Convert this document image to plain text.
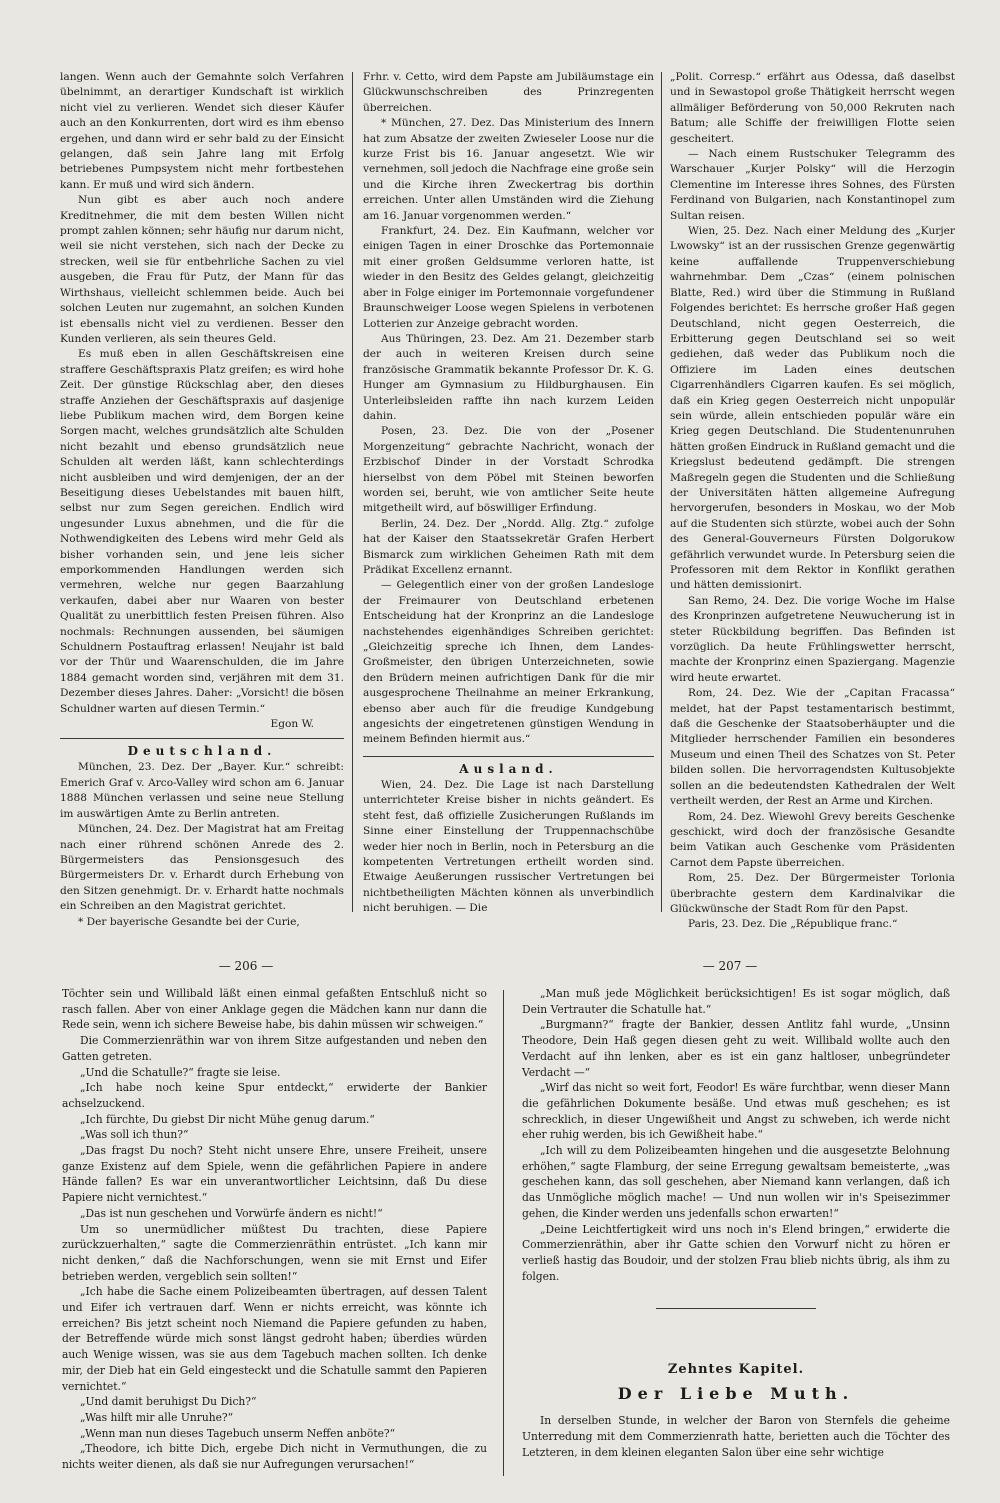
langen. Wenn auch der Gemahnte solch Verfahren übelnimmt, an derartiger Kundschaft ist wirklich nicht viel zu verlieren. Wendet sich dieser Käufer auch an den Konkurrenten, dort wird es ihm ebenso ergehen, und dann wird er sehr bald zu der Einsicht gelangen, daß sein Jahre lang mit Erfolg betriebenes Pumpsystem nicht mehr fortbestehen kann. Er muß und wird sich ändern.

Nun gibt es aber auch noch andere Kreditnehmer, die mit dem besten Willen nicht prompt zahlen können; sehr häufig nur darum nicht, weil sie nicht verstehen, sich nach der Decke zu strecken, weil sie für entbehrliche Sachen zu viel ausgeben, die Frau für Putz, der Mann für das Wirthshaus, vielleicht schlemmen beide. Auch bei solchen Leuten nur zugemahnt, an solchen Kunden ist ebensalls nicht viel zu verdienen. Besser den Kunden verlieren, als sein theures Geld.

Es muß eben in allen Geschäftskreisen eine straffere Geschäftspraxis Platz greifen; es wird hohe Zeit. Der günstige Rückschlag aber, den dieses straffe Anziehen der Geschäftspraxis auf dasjenige liebe Publikum machen wird, dem Borgen keine Sorgen macht, welches grundsätzlich alte Schulden nicht bezahlt und ebenso grundsätzlich neue Schulden alt werden läßt, kann schlechterdings nicht ausbleiben und wird demjenigen, der an der Beseitigung dieses Uebelstandes mit bauen hilft, selbst nur zum Segen gereichen. Endlich wird ungesunder Luxus abnehmen, und die für die Nothwendigkeiten des Lebens wird mehr Geld als bisher vorhanden sein, und jene leis sicher emporkommenden Handlungen werden sich vermehren, welche nur gegen Baarzahlung verkaufen, dabei aber nur Waaren von bester Qualität zu unerbittlich festen Preisen führen. Also nochmals: Rechnungen aussenden, bei säumigen Schuldnern Postauftrag erlassen! Neujahr ist bald vor der Thür und Waarenschulden, die im Jahre 1884 gemacht worden sind, verjähren mit dem 31. Dezember dieses Jahres. Daher: „Vorsicht! die bösen Schuldner warten auf diesen Termin.“

Egon W.

Deutschland.

München, 23. Dez. Der „Bayer. Kur.“ schreibt: Emerich Graf v. Arco-Valley wird schon am 6. Januar 1888 München verlassen und seine neue Stellung im auswärtigen Amte zu Berlin antreten.

München, 24. Dez. Der Magistrat hat am Freitag nach einer rührend schönen Anrede des 2. Bürgermeisters das Pensionsgesuch des Bürgermeisters Dr. v. Erhardt durch Erhebung von den Sitzen genehmigt. Dr. v. Erhardt hatte nochmals ein Schreiben an den Magistrat gerichtet.

* Der bayerische Gesandte bei der Curie,

Frhr. v. Cetto, wird dem Papste am Jubiläumstage ein Glückwunschschreiben des Prinzregenten überreichen.

* München, 27. Dez. Das Ministerium des Innern hat zum Absatze der zweiten Zwieseler Loose nur die kurze Frist bis 16. Januar angesetzt. Wie wir vernehmen, soll jedoch die Nachfrage eine große sein und die Kirche ihren Zweckertrag bis dorthin erreichen. Unter allen Umständen wird die Ziehung am 16. Januar vorgenommen werden.“

Frankfurt, 24. Dez. Ein Kaufmann, welcher vor einigen Tagen in einer Droschke das Portemonnaie mit einer großen Geldsumme verloren hatte, ist wieder in den Besitz des Geldes gelangt, gleichzeitig aber in Folge einiger im Portemonnaie vorgefundener Braunschweiger Loose wegen Spielens in verbotenen Lotterien zur Anzeige gebracht worden.

Aus Thüringen, 23. Dez. Am 21. Dezember starb der auch in weiteren Kreisen durch seine französische Grammatik bekannte Professor Dr. K. G. Hunger am Gymnasium zu Hildburghausen. Ein Unterleibsleiden raffte ihn nach kurzem Leiden dahin.

Posen, 23. Dez. Die von der „Posener Morgenzeitung“ gebrachte Nachricht, wonach der Erzbischof Dinder in der Vorstadt Schrodka hierselbst von dem Pöbel mit Steinen beworfen worden sei, beruht, wie von amtlicher Seite heute mitgetheilt wird, auf böswilliger Erfindung.

Berlin, 24. Dez. Der „Nordd. Allg. Ztg.“ zufolge hat der Kaiser den Staatssekretär Grafen Herbert Bismarck zum wirklichen Geheimen Rath mit dem Prädikat Excellenz ernannt.

— Gelegentlich einer von der großen Landesloge der Freimaurer von Deutschland erbetenen Entscheidung hat der Kronprinz an die Landesloge nachstehendes eigenhändiges Schreiben gerichtet: „Gleichzeitig spreche ich Ihnen, dem Landes-Großmeister, den übrigen Unterzeichneten, sowie den Brüdern meinen aufrichtigen Dank für die mir ausgesprochene Theilnahme an meiner Erkrankung, ebenso aber auch für die freudige Kundgebung angesichts der eingetretenen günstigen Wendung in meinem Befinden hiermit aus.“

Ausland.

Wien, 24. Dez. Die Lage ist nach Darstellung unterrichteter Kreise bisher in nichts geändert. Es steht fest, daß offizielle Zusicherungen Rußlands im Sinne einer Einstellung der Truppennachschübe weder hier noch in Berlin, noch in Petersburg an die kompetenten Vertretungen ertheilt worden sind. Etwaige Aeußerungen russischer Vertretungen bei nichtbetheiligten Mächten können als unverbindlich nicht beruhigen. — Die

„Polit. Corresp.“ erfährt aus Odessa, daß daselbst und in Sewastopol große Thätigkeit herrscht wegen allmäliger Beförderung von 50,000 Rekruten nach Batum; alle Schiffe der freiwilligen Flotte seien gescheitert.

— Nach einem Rustschuker Telegramm des Warschauer „Kurjer Polsky“ will die Herzogin Clementine im Interesse ihres Sohnes, des Fürsten Ferdinand von Bulgarien, nach Konstantinopel zum Sultan reisen.

Wien, 25. Dez. Nach einer Meldung des „Kurjer Lwowsky“ ist an der russischen Grenze gegenwärtig keine auffallende Truppenverschiebung wahrnehmbar. Dem „Czas“ (einem polnischen Blatte, Red.) wird über die Stimmung in Rußland Folgendes berichtet: Es herrsche großer Haß gegen Deutschland, nicht gegen Oesterreich, die Erbitterung gegen Deutschland sei so weit gediehen, daß weder das Publikum noch die Offiziere im Laden eines deutschen Cigarrenhändlers Cigarren kaufen. Es sei möglich, daß ein Krieg gegen Oesterreich nicht unpopulär sein würde, allein entschieden populär wäre ein Krieg gegen Deutschland. Die Studentenunruhen hätten großen Eindruck in Rußland gemacht und die Kriegslust bedeutend gedämpft. Die strengen Maßregeln gegen die Studenten und die Schließung der Universitäten hätten allgemeine Aufregung hervorgerufen, besonders in Moskau, wo der Mob auf die Studenten sich stürzte, wobei auch der Sohn des General-Gouverneurs Fürsten Dolgorukow gefährlich verwundet wurde. In Petersburg seien die Professoren mit dem Rektor in Konflikt gerathen und hätten demissionirt.

San Remo, 24. Dez. Die vorige Woche im Halse des Kronprinzen aufgetretene Neuwucherung ist in steter Rückbildung begriffen. Das Befinden ist vorzüglich. Da heute Frühlingswetter herrscht, machte der Kronprinz einen Spaziergang. Magenzie wird heute erwartet.

Rom, 24. Dez. Wie der „Capitan Fracassa“ meldet, hat der Papst testamentarisch bestimmt, daß die Geschenke der Staatsoberhäupter und die Mitglieder herrschender Familien ein besonderes Museum und einen Theil des Schatzes von St. Peter bilden sollen. Die hervorragendsten Kultusobjekte sollen an die bedeutendsten Kathedralen der Welt vertheilt werden, der Rest an Arme und Kirchen.

Rom, 24. Dez. Wiewohl Grevy bereits Geschenke geschickt, wird doch der französische Gesandte beim Vatikan auch Geschenke vom Präsidenten Carnot dem Papste überreichen.

Rom, 25. Dez. Der Bürgermeister Torlonia überbrachte gestern dem Kardinalvikar die Glückwünsche der Stadt Rom für den Papst.

Paris, 23. Dez. Die „République franc.“

— 206 —	— 207 —

Töchter sein und Willibald läßt einen einmal gefaßten Entschluß nicht so rasch fallen. Aber von einer Anklage gegen die Mädchen kann nur dann die Rede sein, wenn ich sichere Beweise habe, bis dahin müssen wir schweigen.“

Die Commerzienräthin war von ihrem Sitze aufgestanden und neben den Gatten getreten.

„Und die Schatulle?“ fragte sie leise.

„Ich habe noch keine Spur entdeckt,“ erwiderte der Bankier achselzuckend.

„Ich fürchte, Du giebst Dir nicht Mühe genug darum.“

„Was soll ich thun?“

„Das fragst Du noch? Steht nicht unsere Ehre, unsere Freiheit, unsere ganze Existenz auf dem Spiele, wenn die gefährlichen Papiere in andere Hände fallen? Es war ein unverantwortlicher Leichtsinn, daß Du diese Papiere nicht vernichtest.“

„Das ist nun geschehen und Vorwürfe ändern es nicht!“

Um so unermüdlicher müßtest Du trachten, diese Papiere zurückzuerhalten,“ sagte die Commerzienräthin entrüstet. „Ich kann mir nicht denken,“ daß die Nachforschungen, wenn sie mit Ernst und Eifer betrieben werden, vergeblich sein sollten!“

„Ich habe die Sache einem Polizeibeamten übertragen, auf dessen Talent und Eifer ich vertrauen darf. Wenn er nichts erreicht, was könnte ich erreichen? Bis jetzt scheint noch Niemand die Papiere gefunden zu haben, der Betreffende würde mich sonst längst gedroht haben; überdies würden auch Wenige wissen, was sie aus dem Tagebuch machen sollten. Ich denke mir, der Dieb hat ein Geld eingesteckt und die Schatulle sammt den Papieren vernichtet.“

„Und damit beruhigst Du Dich?“

„Was hilft mir alle Unruhe?“

„Wenn man nun dieses Tagebuch unserm Neffen anböte?“

„Theodore, ich bitte Dich, ergebe Dich nicht in Vermuthungen, die zu nichts weiter dienen, als daß sie nur Aufregungen verursachen!“

„Man muß jede Möglichkeit berücksichtigen! Es ist sogar möglich, daß Dein Vertrauter die Schatulle hat.“

„Burgmann?“ fragte der Bankier, dessen Antlitz fahl wurde, „Unsinn Theodore, Dein Haß gegen diesen geht zu weit. Willibald wollte auch den Verdacht auf ihn lenken, aber es ist ein ganz haltloser, unbegründeter Verdacht —“

„Wirf das nicht so weit fort, Feodor! Es wäre furchtbar, wenn dieser Mann die gefährlichen Dokumente besäße. Und etwas muß geschehen; es ist schrecklich, in dieser Ungewißheit und Angst zu schweben, ich werde nicht eher ruhig werden, bis ich Gewißheit habe.“

„Ich will zu dem Polizeibeamten hingehen und die ausgesetzte Belohnung erhöhen,“ sagte Flamburg, der seine Erregung gewaltsam bemeisterte, „was geschehen kann, das soll geschehen, aber Niemand kann verlangen, daß ich das Unmögliche möglich mache! — Und nun wollen wir in's Speisezimmer gehen, die Kinder werden uns jedenfalls schon erwarten!“

„Deine Leichtfertigkeit wird uns noch in's Elend bringen,“ erwiderte die Commerzienräthin, aber ihr Gatte schien den Vorwurf nicht zu hören er verließ hastig das Boudoir, und der stolzen Frau blieb nichts übrig, als ihm zu folgen.

Zehntes Kapitel.

Der Liebe Muth.

In derselben Stunde, in welcher der Baron von Sternfels die geheime Unterredung mit dem Commerzienrath hatte, berietten auch die Töchter des Letzteren, in dem kleinen eleganten Salon über eine sehr wichtige
